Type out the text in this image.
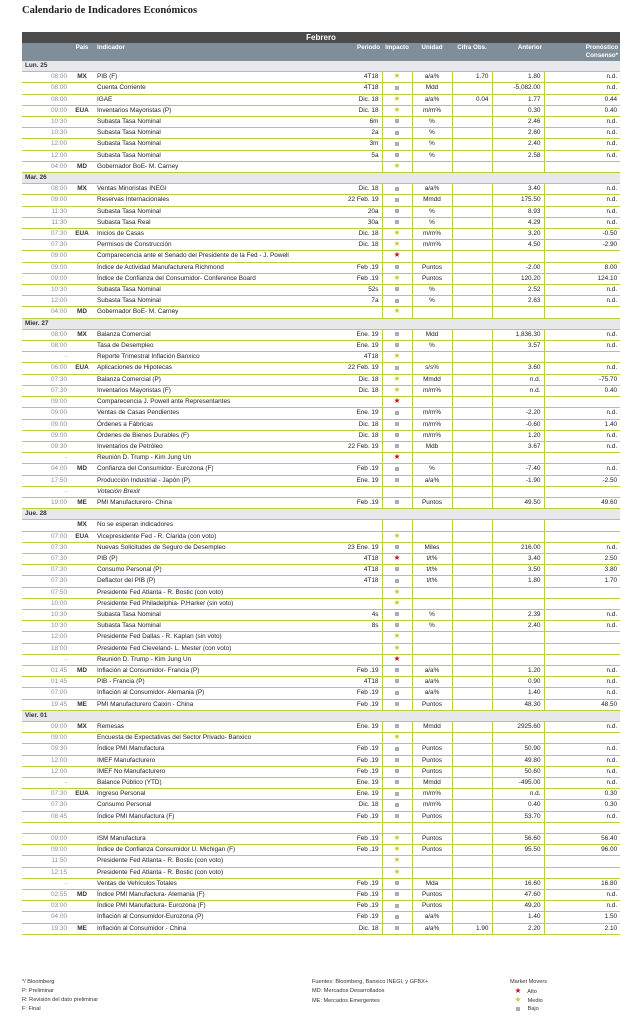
Calendario de Indicadores Económicos
Febrero								
	País	Indicador	Periodo	Impacto	Unidad	Cifra Obs.	Anterior	Pronóstico
Consenso*

Lun. 25								
08:00	MX	PIB (F)	4T18	★	a/a%	1.70	1.80	n.d.
08:00		Cuenta Corriente	4T18		Mdd		-5,082.00	n.d.
08:00		IGAE	Dic. 18	★	a/a%	0.04	1.77	0.44
09:00	EUA	Inventarios Mayoristas (P)	Dic. 18	★	m/m%		0.30	0.40
10:30		Subasta Tasa Nominal	6m		%		2.46	n.d.
10:30		Subasta Tasa Nominal	2a		%		2.60	n.d.
12:00		Subasta Tasa Nominal	3m		%		2.40	n.d.
12:00		Subasta Tasa Nominal	5a		%		2.58	n.d.
04:00	MD	Gobernador BoE- M. Carney		★				
Mar. 26								
08:00	MX	Ventas Minoristas INEGI	Dic. 18		a/a%		3.40	n.d.
09:00		Reservas Internacionales	22 Feb. 19		Mmdd		175.50	n.d.
11:30		Subasta Tasa Nominal	20a		%		8.93	n.d.
11:30		Subasta Tasa Real	30a		%		4.29	n.d.
07:30	EUA	Inicios de Casas	Dic. 18	★	m/m%		3.20	-0.50
07:30		Permisos de Construcción	Dic. 18	★	m/m%		4.50	-2.90
09:00		Comparecencia ante el Senado del Presidente de la Fed - J. Powell		★				
09:00		Índice de Actividad Manufacturera Richmond	Feb .19		Puntos		-2.00	8.00
09:00		Índice de Confianza del Consumidor- Conference Board	Feb .19	★	Puntos		120.20	124.10
10:30		Subasta Tasa Nominal	52s		%		2.52	n.d.
12:00		Subasta Tasa Nominal	7a		%		2.63	n.d.
04:00	MD	Gobernador BoE- M. Carney		★				
Mier. 27								
08:00	MX	Balanza Comercial	Ene. 19		Mdd		1,836.30	n.d.
08:00		Tasa de Desempleo	Ene. 19		%		3.57	n.d.
-		Reporte Trimestral Inflación Banxico	4T18	★				
06:00	EUA	Aplicaciones de Hipotecas	22 Feb. 19		s/s%		3.60	n.d.
07:30		Balanza Comercial (P)	Dic. 18	★	Mmdd		n.d.	-75.70
07:30		Inventarios Mayoristas (F)	Dic. 18	★	m/m%		n.d.	0.40
09:00		Comparecencia J. Powell ante Representantes		★				
09:00		Ventas de Casas Pendientes	Ene. 19		m/m%		-2.20	n.d.
09:00		Órdenes a Fábricas	Dic. 18		m/m%		-0.60	1.40
09:00		Órdenes de Bienes Durables (F)	Dic. 18		m/m%		1.20	n.d.
09:30		Inventarios de Petróleo	22 Feb. 19		Mdb		3.67	n.d.
-		Reunión D. Trump - Kim Jung Un		★				
04:00	MD	Confianza del Consumidor- Eurozona (F)	Feb .19		%		-7.40	n.d.
17:50		Producción Industrial - Japón (P)	Ene. 19		a/a%		-1.90	-2.50
-		Votación Brexit						
19:00	ME	PMI Manufacturero- China	Feb .19		Puntos		49.50	49.60
Jue. 28								
	MX	No se esperan indicadores						
07:00	EUA	Vicepresidente Fed - R. Clarida (con voto)		★				
07:30		Nuevas Solicitudes de Seguro de Desempleo	23 Ene. 19		Miles		216.00	n.d.
07:30		PIB (P)	4T18	★	t/t%		3.40	2.50
07:30		Consumo Personal (P)	4T18		t/t%		3.50	3.80
07:30		Deflactor del PIB (P)	4T18		t/t%		1.80	1.70
07:50		Presidente Fed Atlanta - R. Bostic (con voto)		★				
10:00		Presidente Fed Philadelphia- P.Harker (sin voto)		★				
10:30		Subasta Tasa Nominal	4s		%		2.39	n.d.
10:30		Subasta Tasa Nominal	8s		%		2.40	n.d.
12:00		Presidente Fed Dallas - R. Kaplan (sin voto)		★				
18:00		Presidente Fed Cleveland- L. Mester (con voto)		★				
-		Reunión D. Trump - Kim Jung Un		★				
01:45	MD	Inflación al Consumidor- Francia (P)	Feb .19		a/a%		1.20	n.d.
01:45		PIB - Francia (P)	4T18		a/a%		0.90	n.d.
07:00		Inflación al Consumidor- Alemania (P)	Feb .19		a/a%		1.40	n.d.
19:45	ME	PMI Manufacturero Caixin - China	Feb .19		Puntos		48.30	48.50
Vier. 01								
09:00	MX	Remesas	Ene. 19		Mmdd		2925.60	n.d.
09:00		Encuesta de Expectativas del Sector Privado- Banxico		★				
09:30		Índice PMI Manufactura	Feb .19		Puntos		50.90	n.d.
12:00		IMEF Manufacturero	Feb .19		Puntos		49.80	n.d.
12:00		IMEF No Manufacturero	Feb .19		Puntos		50.60	n.d.
-		Balance Público (YTD)	Ene. 19		Mmdd		-495.00	n.d.
07:30	EUA	Ingreso Personal	Ene. 19		m/m%		n.d.	0.30
07:30		Consumo Personal	Dic. 18		m/m%		0.40	0.30
08:45		Índice PMI Manufactura (F)	Feb .19		Puntos		53.70	n.d.

09:00		ISM Manufactura	Feb .19	★	Puntos		56.60	56.40
09:00		Índice de Confianza Consumidor U. Michigan (F)	Feb .19	★	Puntos		95.50	96.00
11:50		Presidente Fed Atlanta - R. Bostic (con voto)		★				
12:15		Presidente Fed Atlanta - R. Bostic (con voto)		★				
-		Ventas de Vehículos Totales	Feb .19		Mda		16.60	16.80
02:55	MD	Índice PMI Manufactura- Alemania (F)	Feb .19		Puntos		47.60	n.d.
03:00		Índice PMI Manufactura- Eurozona (F)	Feb .19		Puntos		49.20	n.d.
04:00		Inflación al Consumidor-Eurozona (P)	Feb .19		a/a%		1.40	1.50
19:30	ME	Inflación al Consumidor - China	Dic. 18		a/a%	1.90	2.20	2.10
*/ Bloomberg
P: Preliminar
R: Revisión del dato preliminar
F: Final
Fuentes: Bloomberg, Banxico INEGI, y GFBX+
MD: Mercados Desarrollados
ME: Mercados Emergentes
Market Movers
★ Alto
★ Medio
Bajo
